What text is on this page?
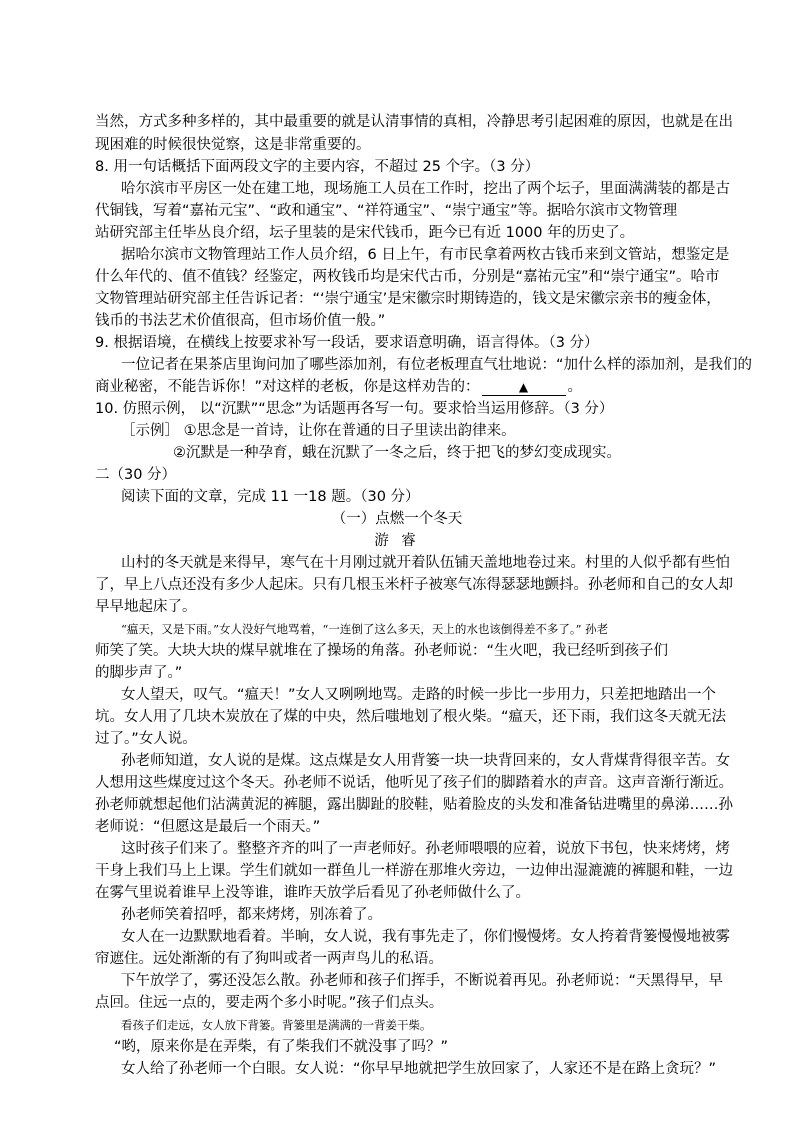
当然，方式多种多样的，其中最重要的就是认清事情的真相，冷静思考引起困难的原因，也就是在出
现困难的时候很快觉察，这是非常重要的。
8. 用一句话概括下面两段文字的主要内容，不超过 25 个字。（3 分）
哈尔滨市平房区一处在建工地，现场施工人员在工作时，挖出了两个坛子，里面满满装的都是古
代铜钱，写着“嘉祐元宝”、“政和通宝”、“祥符通宝”、“崇宁通宝”等。据哈尔滨市文物管理
站研究部主任毕丛良介绍，坛子里装的是宋代钱币，距今已有近 1000 年的历史了。
据哈尔滨市文物管理站工作人员介绍，6 日上午，有市民拿着两枚古钱币来到文管站，想鉴定是
什么年代的、值不值钱？经鉴定，两枚钱币均是宋代古币，分别是“嘉祐元宝”和“崇宁通宝”。哈市
文物管理站研究部主任告诉记者：“‘崇宁通宝’是宋徽宗时期铸造的，钱文是宋徽宗亲书的瘦金体，
钱币的书法艺术价值很高，但市场价值一般。”
9. 根据语境，在横线上按要求补写一段话，要求语意明确，语言得体。（3 分）
一位记者在果茶店里询问加了哪些添加剂，有位老板理直气壮地说：“加什么样的添加剂，是我们的
商业秘密，不能告诉你！”对这样的老板，你是这样劝告的：	▲	。
10. 仿照示例， 以“沉默”“思念”为话题再各写一句。要求恰当运用修辞。（3 分）
［示例］ ①思念是一首诗，让你在普通的日子里读出韵律来。
②沉默是一种孕育，蛾在沉默了一冬之后，终于把飞的梦幻变成现实。
二（30 分）
阅读下面的文章，完成 11 一18 题。（30 分）
（一）点燃一个冬天
游 睿
山村的冬天就是来得早，寒气在十月刚过就开着队伍铺天盖地地卷过来。村里的人似乎都有些怕
了，早上八点还没有多少人起床。只有几根玉米杆子被寒气冻得瑟瑟地颤抖。孙老师和自己的女人却
早早地起床了。
“瘟天，又是下雨。”女人没好气地骂着，“一连倒了这么多天，天上的水也该倒得差不多了。” 孙老
师笑了笑。大块大块的煤早就堆在了操场的角落。孙老师说：“生火吧，我已经听到孩子们
的脚步声了。”
女人望天，叹气。“瘟天！”女人又咧咧地骂。走路的时候一步比一步用力，只差把地踏出一个
坑。女人用了几块木炭放在了煤的中央，然后嗤地划了根火柴。“瘟天，还下雨，我们这冬天就无法
过了。”女人说。
孙老师知道，女人说的是煤。这点煤是女人用背篓一块一块背回来的，女人背煤背得很辛苦。女
人想用这些煤度过这个冬天。孙老师不说话，他听见了孩子们的脚踏着水的声音。这声音渐行渐近。
孙老师就想起他们沾满黄泥的裤腿，露出脚趾的胶鞋，贴着脸皮的头发和准备钻进嘴里的鼻涕……孙
老师说：“但愿这是最后一个雨天。”
这时孩子们来了。整整齐齐的叫了一声老师好。孙老师喂喂的应着，说放下书包，快来烤烤，烤
干身上我们马上上课。学生们就如一群鱼儿一样游在那堆火旁边，一边伸出湿漉漉的裤腿和鞋，一边
在雾气里说着谁早上没等谁，谁昨天放学后看见了孙老师做什么了。
孙老师笑着招呼，都来烤烤，别冻着了。
女人在一边默默地看着。半晌，女人说，我有事先走了，你们慢慢烤。女人挎着背篓慢慢地被雾
帘遮住。远处渐渐的有了狗叫或者一两声鸟儿的私语。
下午放学了，雾还没怎么散。孙老师和孩子们挥手，不断说着再见。孙老师说：“天黑得早，早
点回。住远一点的，要走两个多小时呢。”孩子们点头。
看孩子们走远，女人放下背篓。背篓里是满满的一背姜干柴。
“哟，原来你是在弄柴，有了柴我们不就没事了吗？”
女人给了孙老师一个白眼。女人说：“你早早地就把学生放回家了，人家还不是在路上贪玩？”
